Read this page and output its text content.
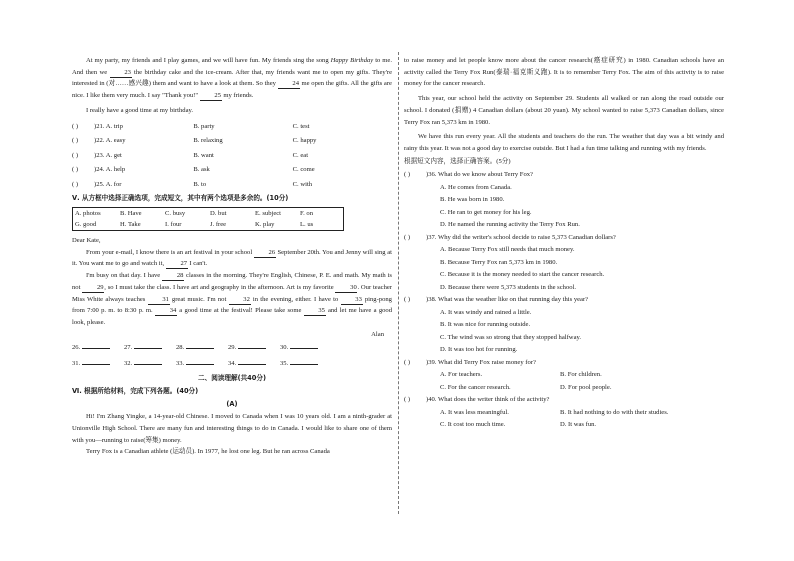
At my party, my friends and I play games, and we will have fun. My friends sing the song Happy Birthday to me. And then we 23 the birthday cake and the ice-cream. After that, my friends want me to open my gifts. They're interested in (对……感兴趣) them and want to have a look at them. So they 24 me open the gifts. All the gifts are nice. I like them very much. I say "Thank you!" 25 my friends.

I really have a good time at my birthday.

( )	)21. A. trip	B. party	C. test
( )	)22. A. easy	B. relaxing	C. happy
( )	)23. A. get	B. want	C. eat
( )	)24. A. help	B. ask	C. come
( )	)25. A. for	B. to	C. with
Ⅴ. 从方框中选择正确选项，完成短文，其中有两个选项是多余的。(10分)
A. photos	B. Have	C. busy	D. but	E. subject	F. on
G. good	H. Take	I. four	J. free	K. play	L. us

Dear Kate,

From your e-mail, I know there is an art festival in your school 26 September 20th. You and Jenny will sing at it. You want me to go and watch it, 27 I can't.

I'm busy on that day. I have 28 classes in the morning. They're English, Chinese, P. E. and math. My math is not 29, so I must take the class. I have art and geography in the afternoon. Art is my favorite 30. Our teacher Miss White always teaches 31 great music. I'm not 32 in the evening, either. I have to 33 ping-pong from 7:00 p. m. to 8:30 p. m. 34 a good time at the festival! Please take some 35 and let me have a good look, please.

Alan

26.	27.	28.	29.	30.
31.	32.	33.	34.	35.
二、阅读理解(共40分)
Ⅵ. 根据所给材料，完成下列各题。(40分)
(A)

Hi! I'm Zhang Yingke, a 14-year-old Chinese. I moved to Canada when I was 10 years old. I am a ninth-grader at Unionville High School. There are many fun and interesting things to do in Canada. I would like to share one of them with you—running to raise(筹集) money.

Terry Fox is a Canadian athlete (运动员). In 1977, he lost one leg. But he ran across Canada

to raise money and let people know more about the cancer research(癌症研究) in 1980. Canadian schools have an activity called the Terry Fox Run(泰瑞·福克斯义跑). It is to remember Terry Fox. The aim of this activity is to raise money for the cancer research.

This year, our school held the activity on September 29. Students all walked or ran along the road outside our school. I donated (捐赠) 4 Canadian dollars (about 20 yuan). My school wanted to raise 5,373 Canadian dollars, since Terry Fox ran 5,373 km in 1980.

We have this run every year. All the students and teachers do the run. The weather that day was a bit windy and rainy this year. It was not a good day to exercise outside. But I had a fun time talking and running with my friends.

根据短文内容，选择正确答案。(5分)

( ) )36. What do we know about Terry Fox?
A. He comes from Canada.
B. He was born in 1980.
C. He ran to get money for his leg.
D. He named the running activity the Terry Fox Run.
( ) )37. Why did the writer's school decide to raise 5,373 Canadian dollars?
A. Because Terry Fox still needs that much money.
B. Because Terry Fox ran 5,373 km in 1980.
C. Because it is the money needed to start the cancer research.
D. Because there were 5,373 students in the school.
( ) )38. What was the weather like on that running day this year?
A. It was windy and rained a little.
B. It was nice for running outside.
C. The wind was so strong that they stopped halfway.
D. It was too hot for running.
( ) )39. What did Terry Fox raise money for?
A. For teachers.	B. For children.
C. For the cancer research.	D. For pool people.
( ) )40. What does the writer think of the activity?
A. It was less meaningful.	B. It had nothing to do with their studies.
C. It cost too much time.	D. It was fun.
